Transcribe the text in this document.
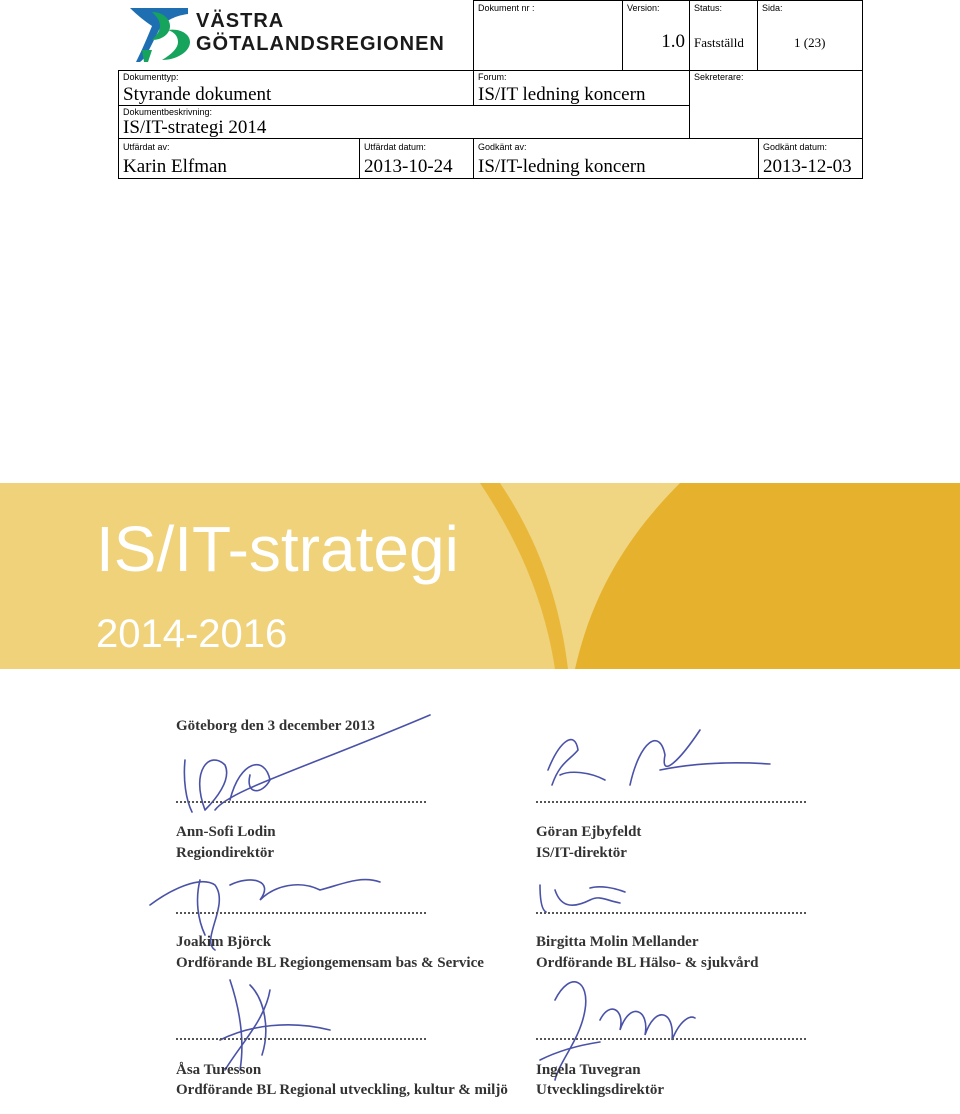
VÄSTRA
GÖTALANDSREGIONEN
Dokument nr :	Version:
1.0
Status:
Fastställd
Sida:
1 (23)
Dokumenttyp:
Styrande dokument
Forum:
IS/IT ledning koncern
Sekreterare:
Dokumentbeskrivning:
IS/IT-strategi 2014
Utfärdat av:
Karin Elfman
Utfärdat datum:
2013-10-24
Godkänt av:
IS/IT-ledning koncern
Godkänt datum:
2013-12-03
IS/IT-strategi
2014-2016
Göteborg den 3 december 2013
Ann-Sofi Lodin
Regiondirektör
Göran Ejbyfeldt
IS/IT-direktör
Joakim Björck
Ordförande BL Regiongemensam bas & Service
Birgitta Molin Mellander
Ordförande BL Hälso- & sjukvård
Åsa Turesson
Ordförande BL Regional utveckling, kultur & miljö
Ingela Tuvegran
Utvecklingsdirektör
